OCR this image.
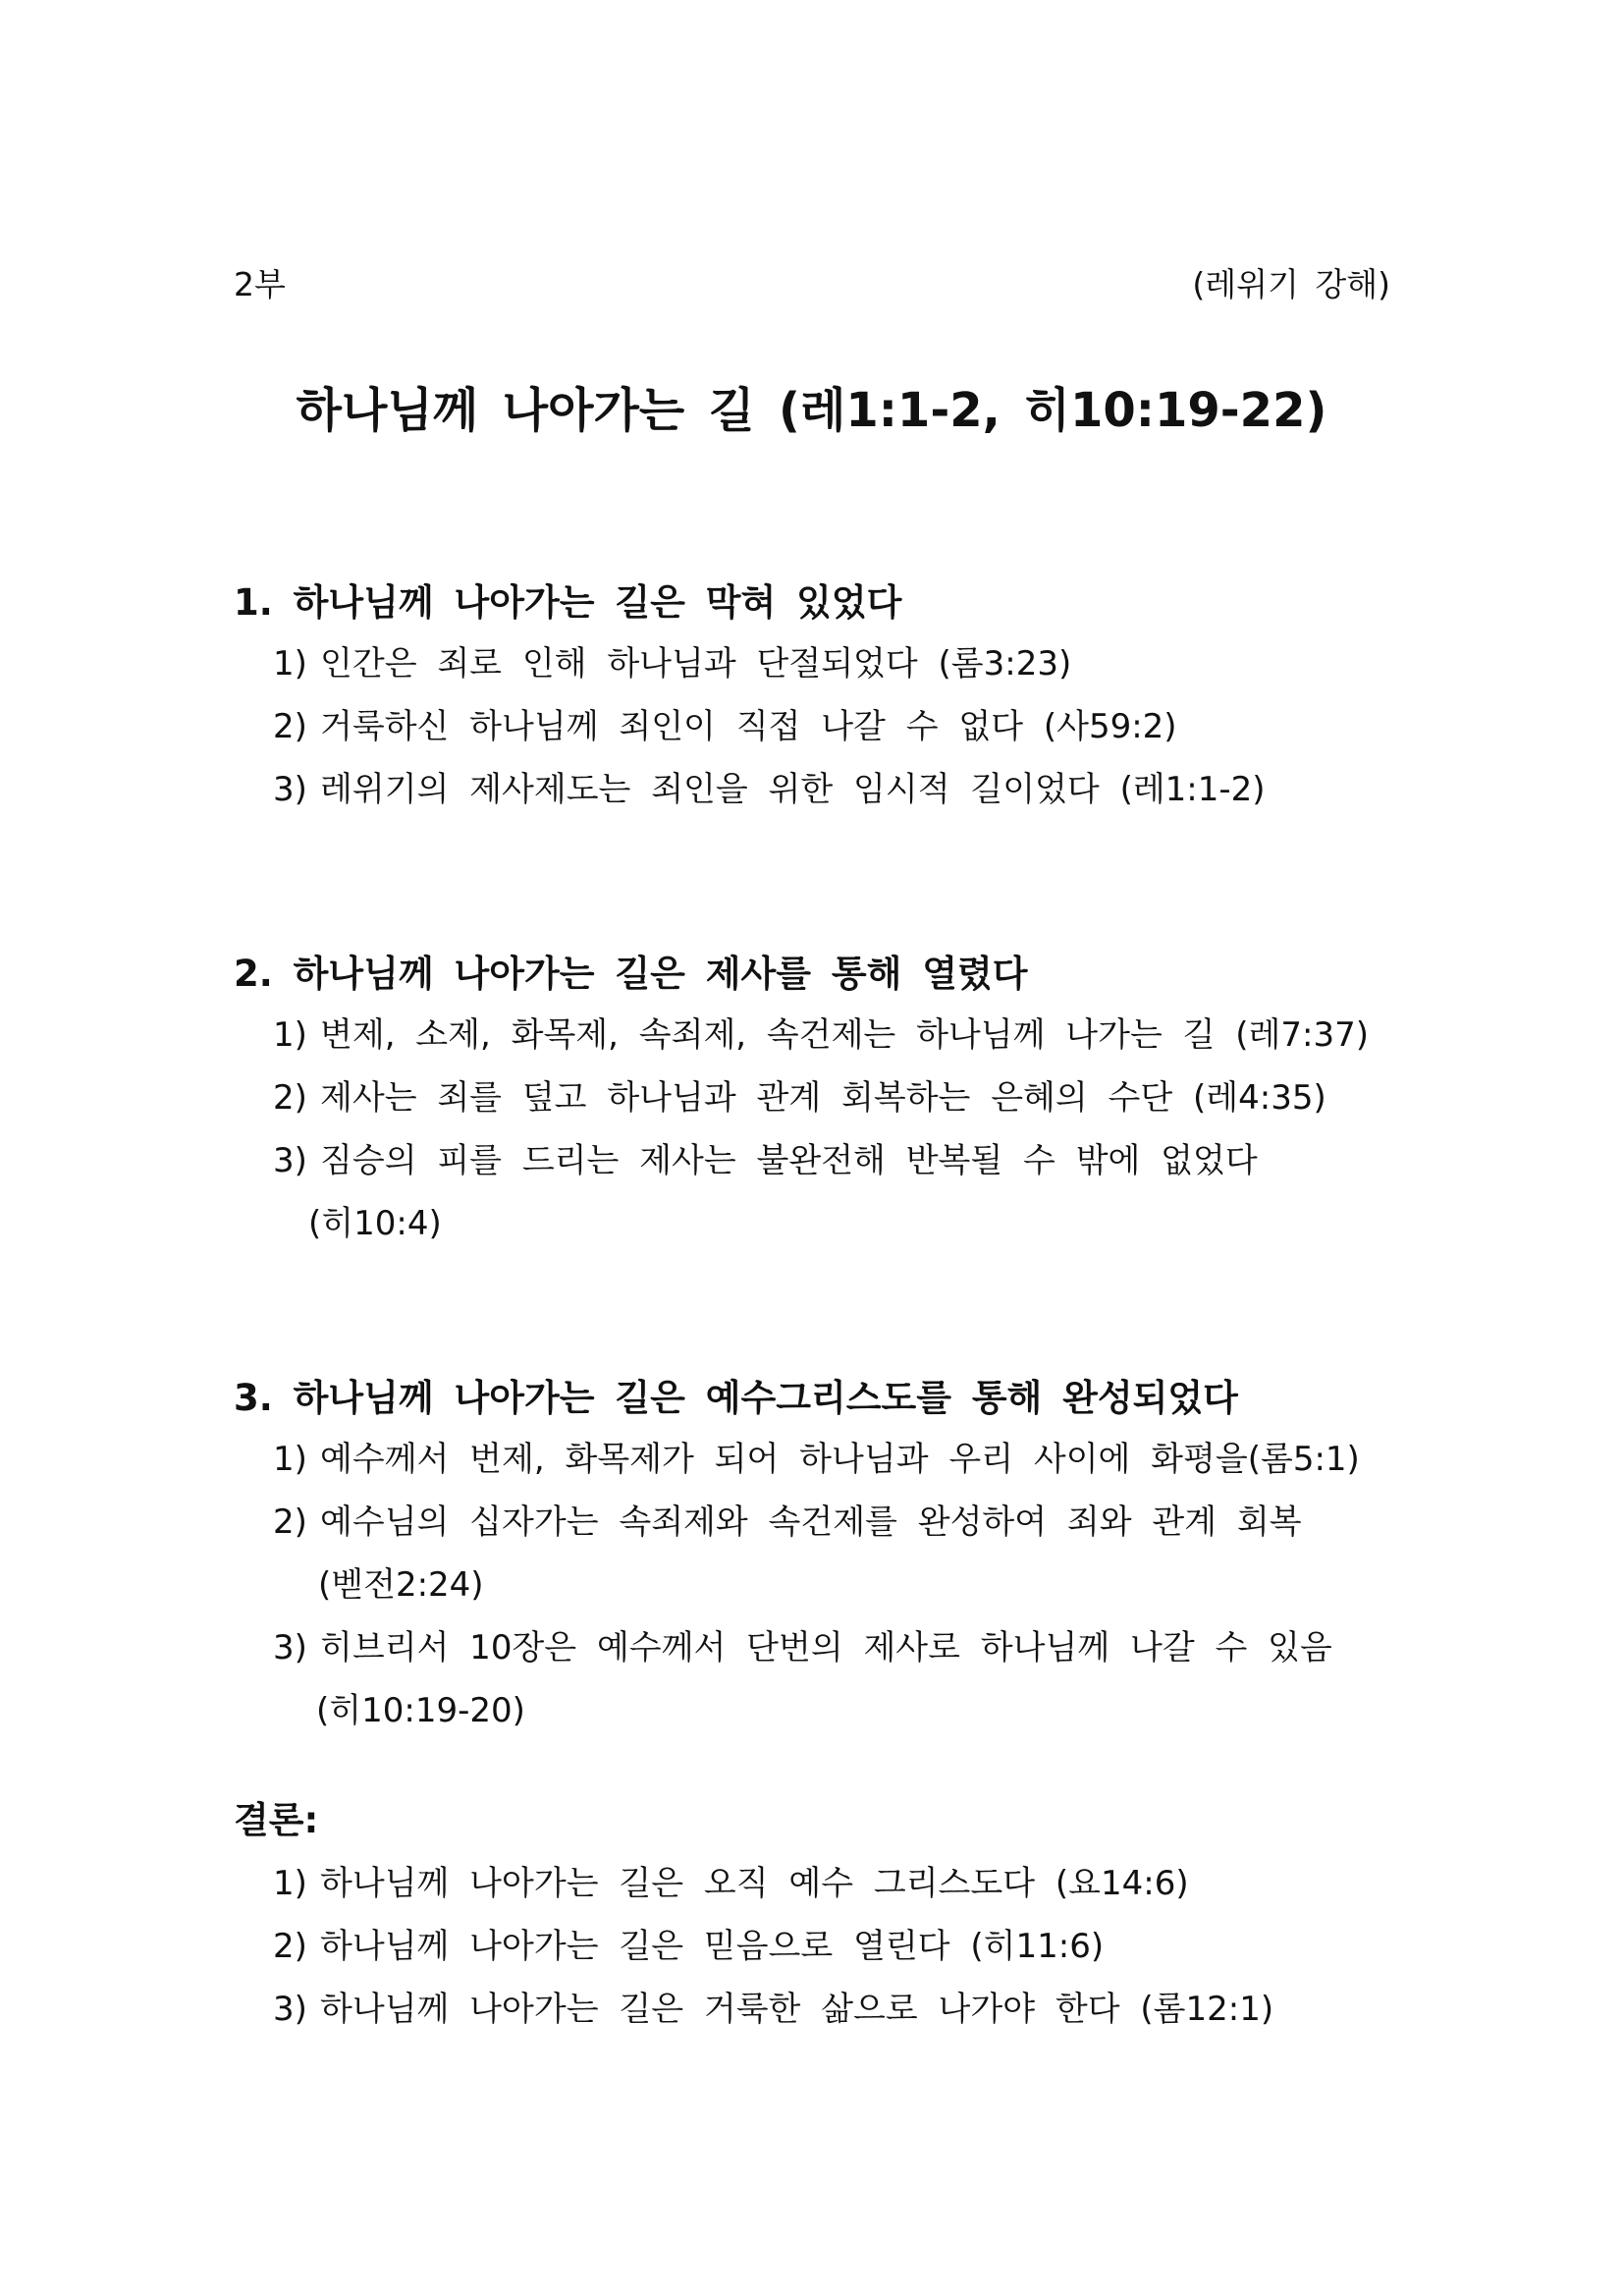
2부	(레위기 강해)
하나님께 나아가는 길 (레1:1-2, 히10:19-22)

1. 하나님께 나아가는 길은 막혀 있었다

1) 인간은 죄로 인해 하나님과 단절되었다 (롬3:23)
2) 거룩하신 하나님께 죄인이 직접 나갈 수 없다 (사59:2)
3) 레위기의 제사제도는 죄인을 위한 임시적 길이었다 (레1:1-2)

2. 하나님께 나아가는 길은 제사를 통해 열렸다

1) 변제, 소제, 화목제, 속죄제, 속건제는 하나님께 나가는 길 (레7:37)
2) 제사는 죄를 덮고 하나님과 관계 회복하는 은혜의 수단 (레4:35)
3) 짐승의 피를 드리는 제사는 불완전해 반복될 수 밖에 없었다
(히10:4)

3. 하나님께 나아가는 길은 예수그리스도를 통해 완성되었다

1) 예수께서 번제, 화목제가 되어 하나님과 우리 사이에 화평을(롬5:1)
2) 예수님의 십자가는 속죄제와 속건제를 완성하여 죄와 관계 회복
(벧전2:24)
3) 히브리서 10장은 예수께서 단번의 제사로 하나님께 나갈 수 있음
(히10:19-20)

결론:

1) 하나님께 나아가는 길은 오직 예수 그리스도다 (요14:6)
2) 하나님께 나아가는 길은 믿음으로 열린다 (히11:6)
3) 하나님께 나아가는 길은 거룩한 삶으로 나가야 한다 (롬12:1)
